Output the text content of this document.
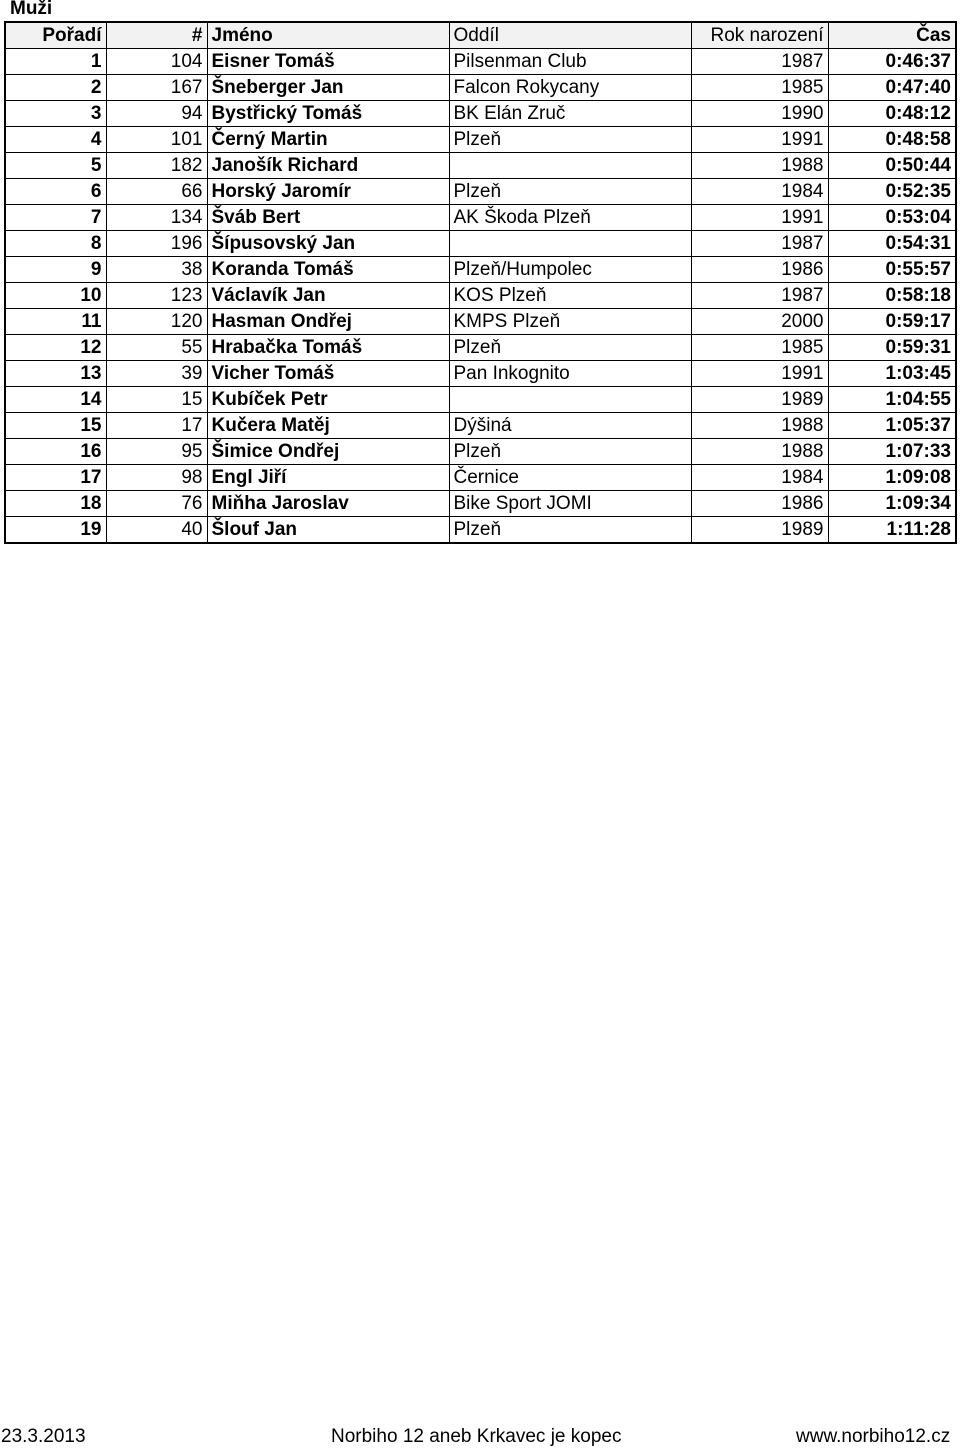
Muži
Pořadí	#	Jméno	Oddíl	Rok narození	Čas
1	104	Eisner Tomáš	Pilsenman Club	1987	0:46:37
2	167	Šneberger Jan	Falcon Rokycany	1985	0:47:40
3	94	Bystřický Tomáš	BK Elán Zruč	1990	0:48:12
4	101	Černý Martin	Plzeň	1991	0:48:58
5	182	Janošík Richard		1988	0:50:44
6	66	Horský Jaromír	Plzeň	1984	0:52:35
7	134	Šváb Bert	AK Škoda Plzeň	1991	0:53:04
8	196	Šípusovský Jan		1987	0:54:31
9	38	Koranda Tomáš	Plzeň/Humpolec	1986	0:55:57
10	123	Václavík Jan	KOS Plzeň	1987	0:58:18
11	120	Hasman Ondřej	KMPS Plzeň	2000	0:59:17
12	55	Hrabačka Tomáš	Plzeň	1985	0:59:31
13	39	Vicher Tomáš	Pan Inkognito	1991	1:03:45
14	15	Kubíček Petr		1989	1:04:55
15	17	Kučera Matěj	Dýšiná	1988	1:05:37
16	95	Šimice Ondřej	Plzeň	1988	1:07:33
17	98	Engl Jiří	Černice	1984	1:09:08
18	76	Miňha Jaroslav	Bike Sport JOMI	1986	1:09:34
19	40	Šlouf Jan	Plzeň	1989	1:11:28
23.3.2013	Norbiho 12 aneb Krkavec je kopec	www.norbiho12.cz
